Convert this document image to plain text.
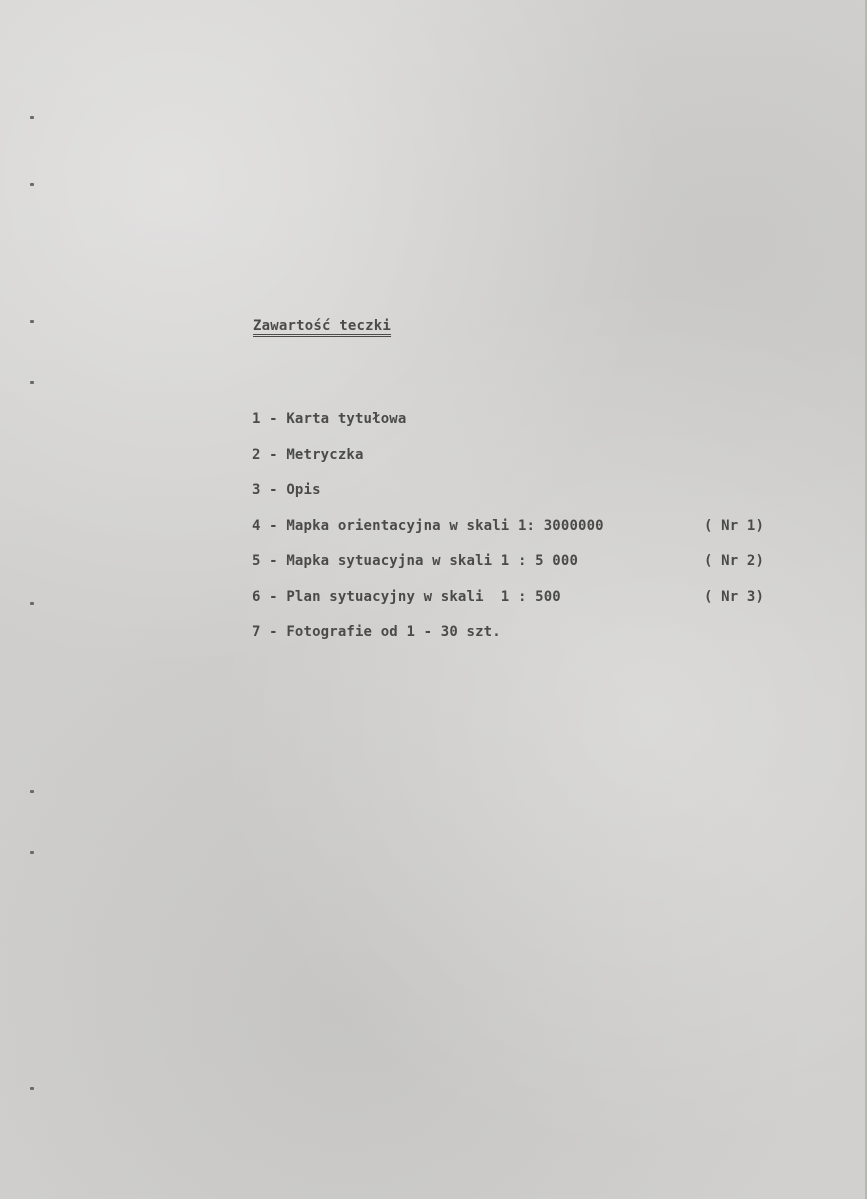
Zawartość teczki
1 - Karta tytułowa
2 - Metryczka
3 - Opis
4 - Mapka orientacyjna w skali 1: 3000000	( Nr 1)
5 - Mapka sytuacyjna w skali 1 : 5 000	( Nr 2)
6 - Plan sytuacyjny w skali  1 : 500	( Nr 3)
7 - Fotografie od 1 - 30 szt.
